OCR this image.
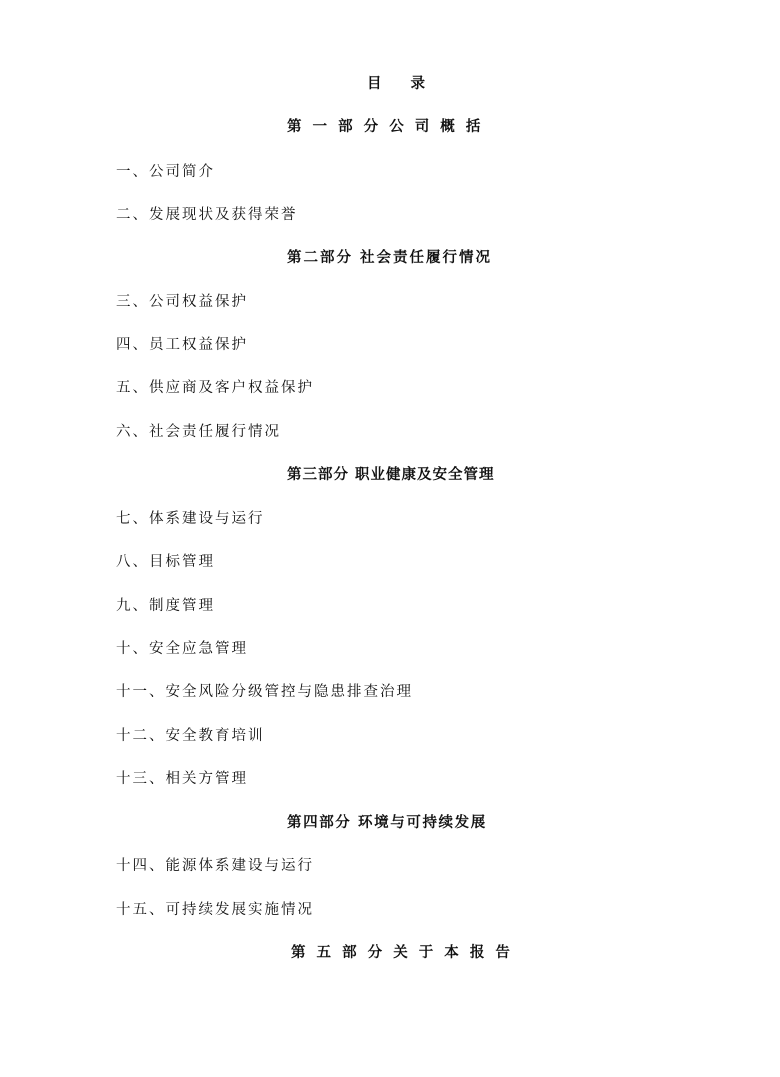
目 录
第 一 部 分 公 司 概 括
一、公司简介
二、发展现状及获得荣誉
第二部分 社会责任履行情况
三、公司权益保护
四、员工权益保护
五、供应商及客户权益保护
六、社会责任履行情况
第三部分 职业健康及安全管理
七、体系建设与运行
八、目标管理
九、制度管理
十、安全应急管理
十一、安全风险分级管控与隐患排查治理
十二、安全教育培训
十三、相关方管理
第四部分 环境与可持续发展
十四、能源体系建设与运行
十五、可持续发展实施情况
第 五 部 分 关 于 本 报 告
